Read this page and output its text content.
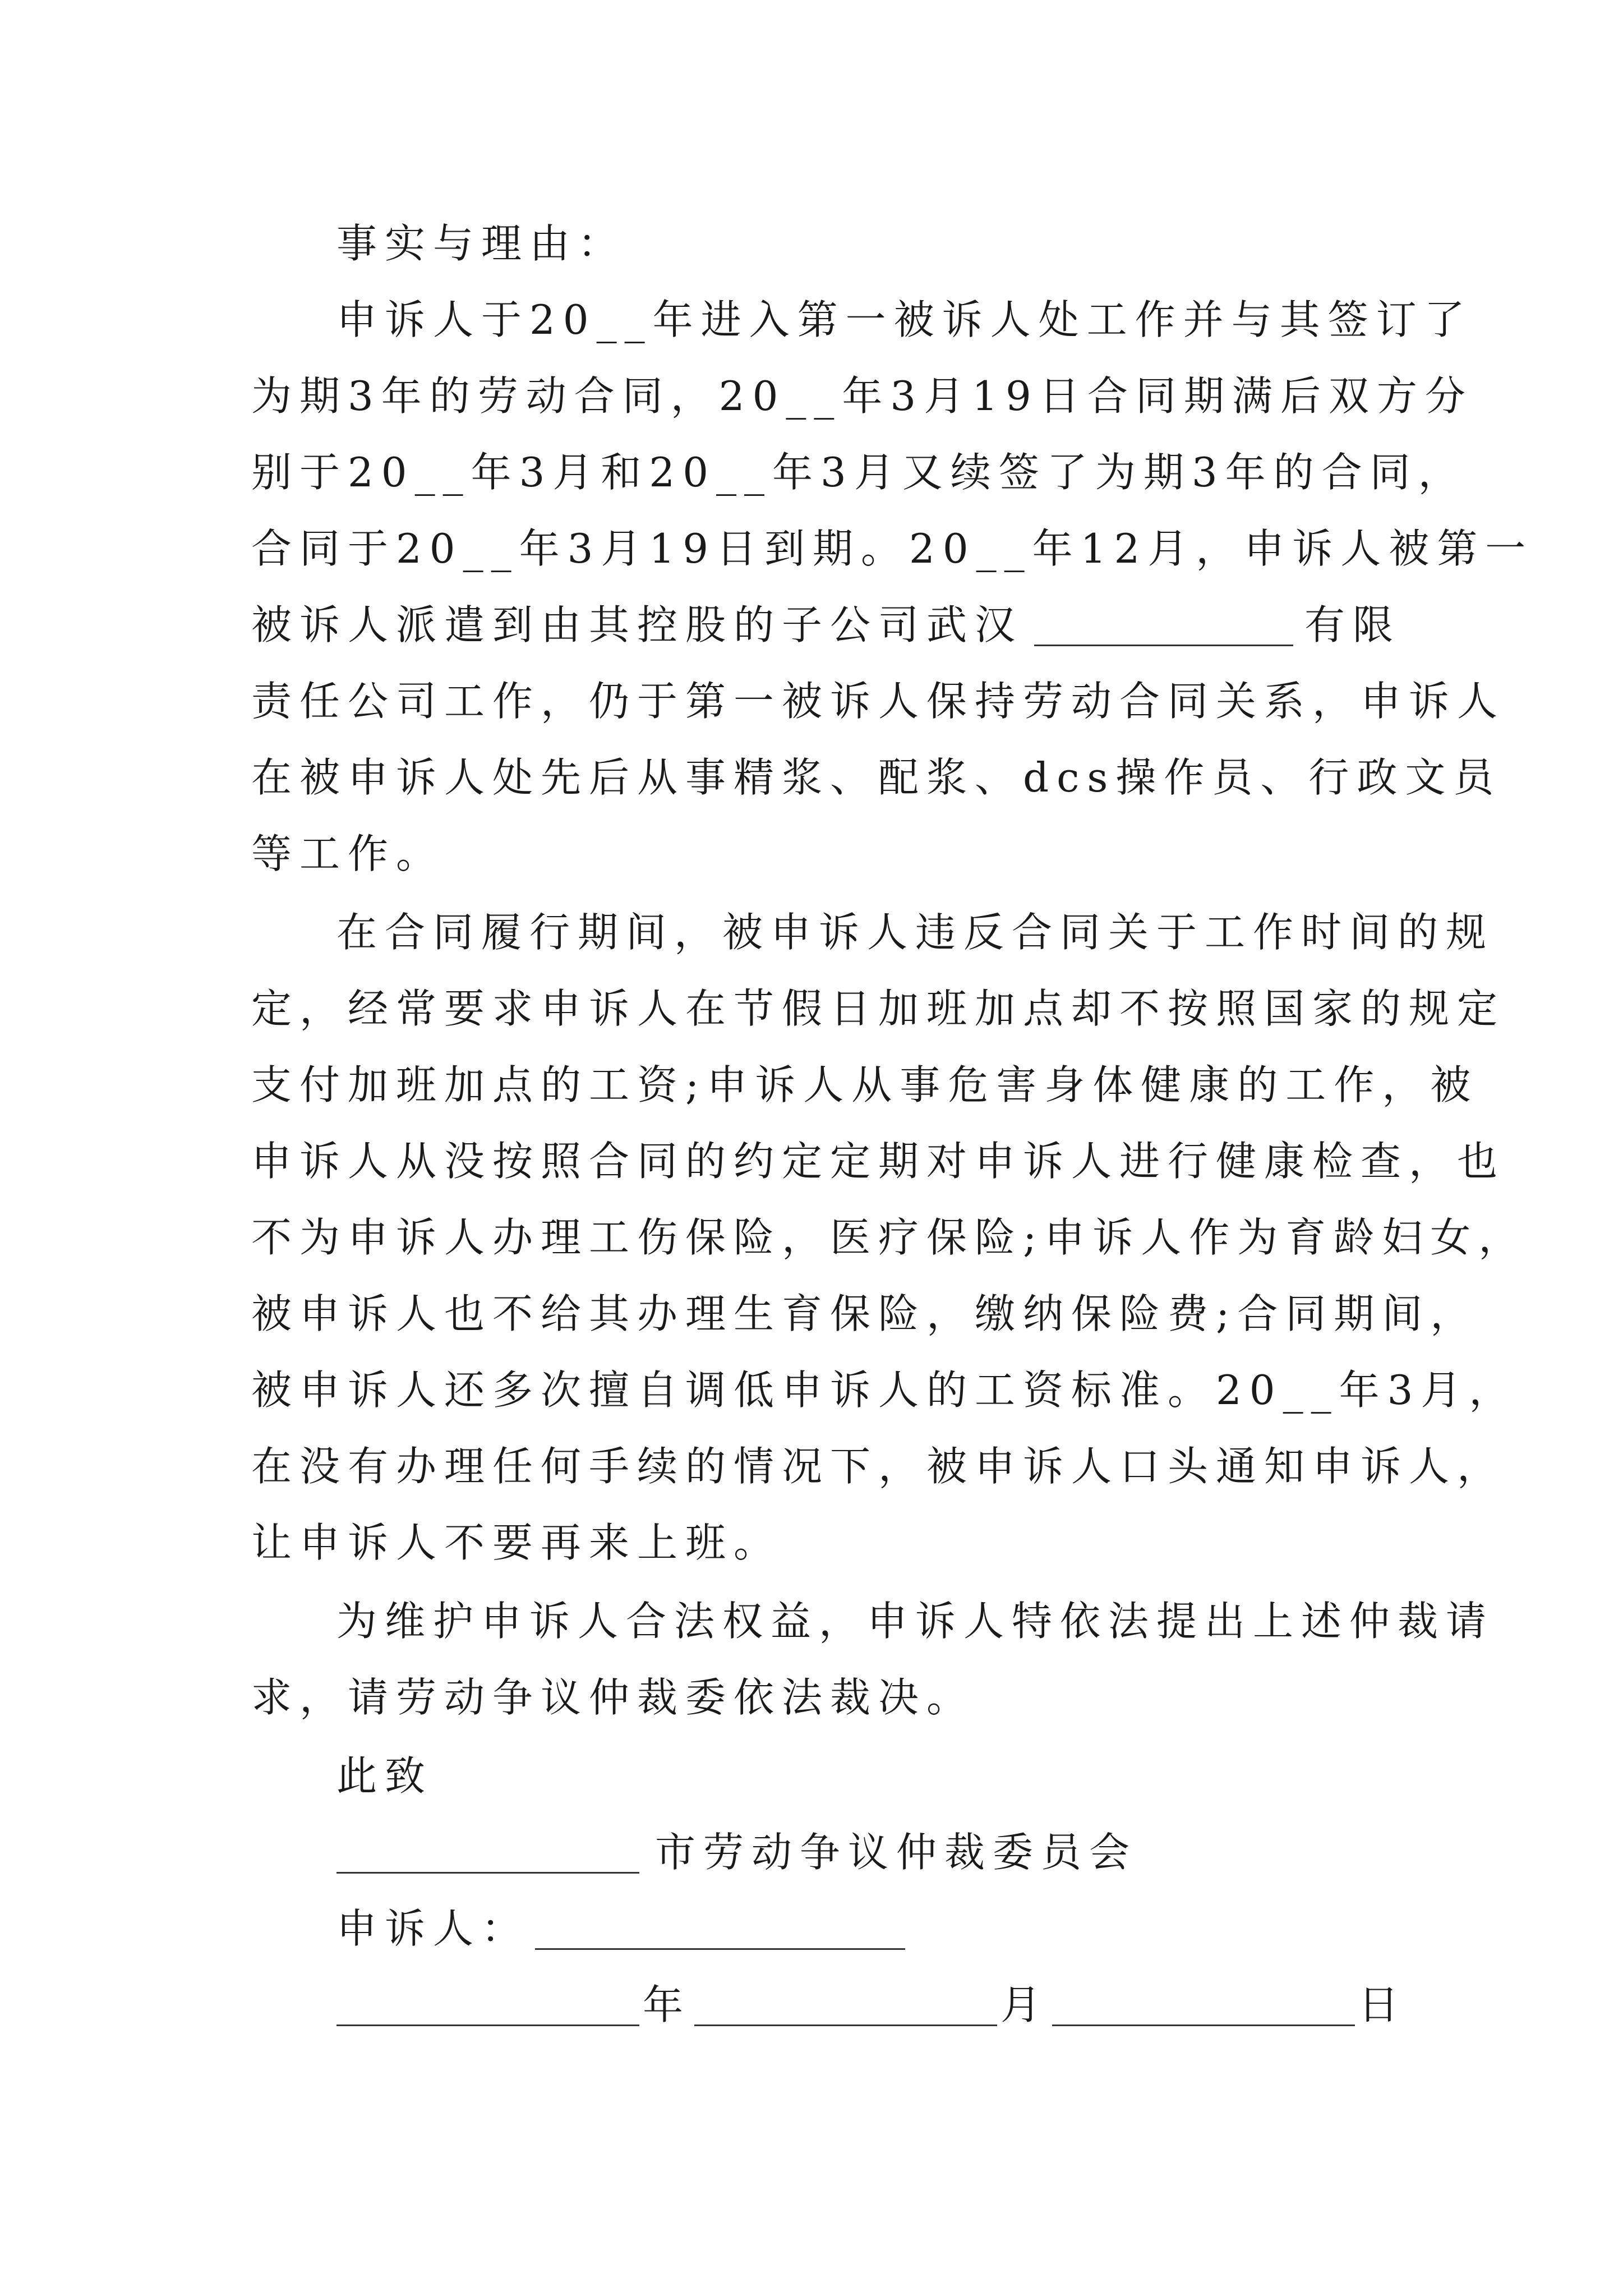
事实与理由：
申诉人于20__年进入第一被诉人处工作并与其签订了
为期3年的劳动合同，20__年3月19日合同期满后双方分
别于20__年3月和20__年3月又续签了为期3年的合同，
合同于20__年3月19日到期。20__年12月，申诉人被第一
被诉人派遣到由其控股的子公司武汉	有限
责任公司工作，仍于第一被诉人保持劳动合同关系，申诉人
在被申诉人处先后从事精浆、配浆、dcs操作员、行政文员
等工作。
在合同履行期间，被申诉人违反合同关于工作时间的规
定，经常要求申诉人在节假日加班加点却不按照国家的规定
支付加班加点的工资;申诉人从事危害身体健康的工作，被
申诉人从没按照合同的约定定期对申诉人进行健康检查，也
不为申诉人办理工伤保险，医疗保险;申诉人作为育龄妇女，
被申诉人也不给其办理生育保险，缴纳保险费;合同期间，
被申诉人还多次擅自调低申诉人的工资标准。20__年3月，
在没有办理任何手续的情况下，被申诉人口头通知申诉人，
让申诉人不要再来上班。
为维护申诉人合法权益，申诉人特依法提出上述仲裁请
求，请劳动争议仲裁委依法裁决。
此致
市劳动争议仲裁委员会
申诉人：
年	月	日
